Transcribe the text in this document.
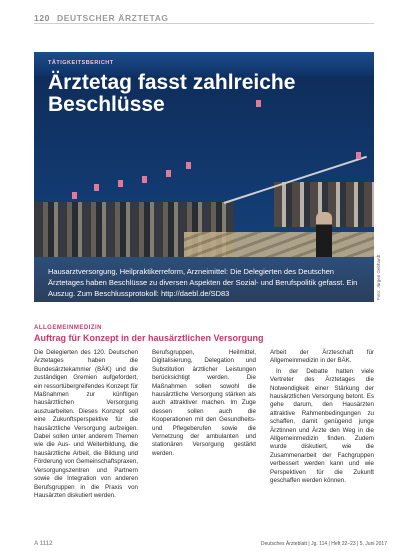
120 DEUTSCHER ÄRZTETAG
TÄTIGKEITSBERICHT
Ärztetag fasst zahlreiche Beschlüsse
Hausarztversorgung, Heilpraktikerreform, Arzneimittel: Die Delegierten des Deutschen Ärztetages haben Beschlüsse zu diversen Aspekten der Sozial- und Berufspolitik gefasst. Ein Auszug. Zum Beschlussprotokoll: http://daebl.de/SD83	Foto: Jürgen Gebhardt
ALLGEMEINMEDIZIN
Auftrag für Konzept in der hausärztlichen Versorgung

Die Delegierten des 120. Deutschen Ärztetages haben die Bundesärztekammer (BÄK) und die zuständigen Gremien aufgefordert, ein ressortübergreifendes Konzept für Maßnahmen zur künftigen hausärztlichen Versorgung auszuarbeiten. Dieses Konzept soll eine Zukunftsperspektive für die hausärztliche Versorgung aufzeigen. Dabei sollen unter anderem Themen wie die Aus- und Weiterbildung, die hausärztliche Arbeit, die Bildung und Förderung von Gemeinschaftspraxen, Versorgungszentren und Partnern sowie die Integration von anderen Berufsgruppen in die Praxis von Hausärzten diskutiert werden.

Berufsgruppen, Heilmittel, Digitalisierung, Delegation und Substitution ärztlicher Leistungen berücksichtigt werden. Die Maßnahmen sollen sowohl die hausärztliche Versorgung stärken als auch attraktiver machen. Im Zuge dessen sollen auch die Kooperationen mit den Gesundheits- und Pflegeberufen sowie die Vernetzung der ambulanten und stationären Versorgung gestärkt werden.

Arbeit der Ärzteschaft für Allgemeinmedizin in der BÄK.

In der Debatte hatten viele Vertreter des Ärztetages die Notwendigkeit einer Stärkung der hausärztlichen Versorgung betont. Es gehe darum, den Hausärzten attraktive Rahmenbedingungen zu schaffen, damit genügend junge Ärztinnen und Ärzte den Weg in die Allgemeinmedizin finden. Zudem wurde diskutiert, wie die Zusammenarbeit der Fachgruppen verbessert werden kann und wie Perspektiven für die Zukunft geschaffen werden können.

A 1112	Deutsches Ärzteblatt | Jg. 114 | Heft 22–23 | 5. Juni 2017
